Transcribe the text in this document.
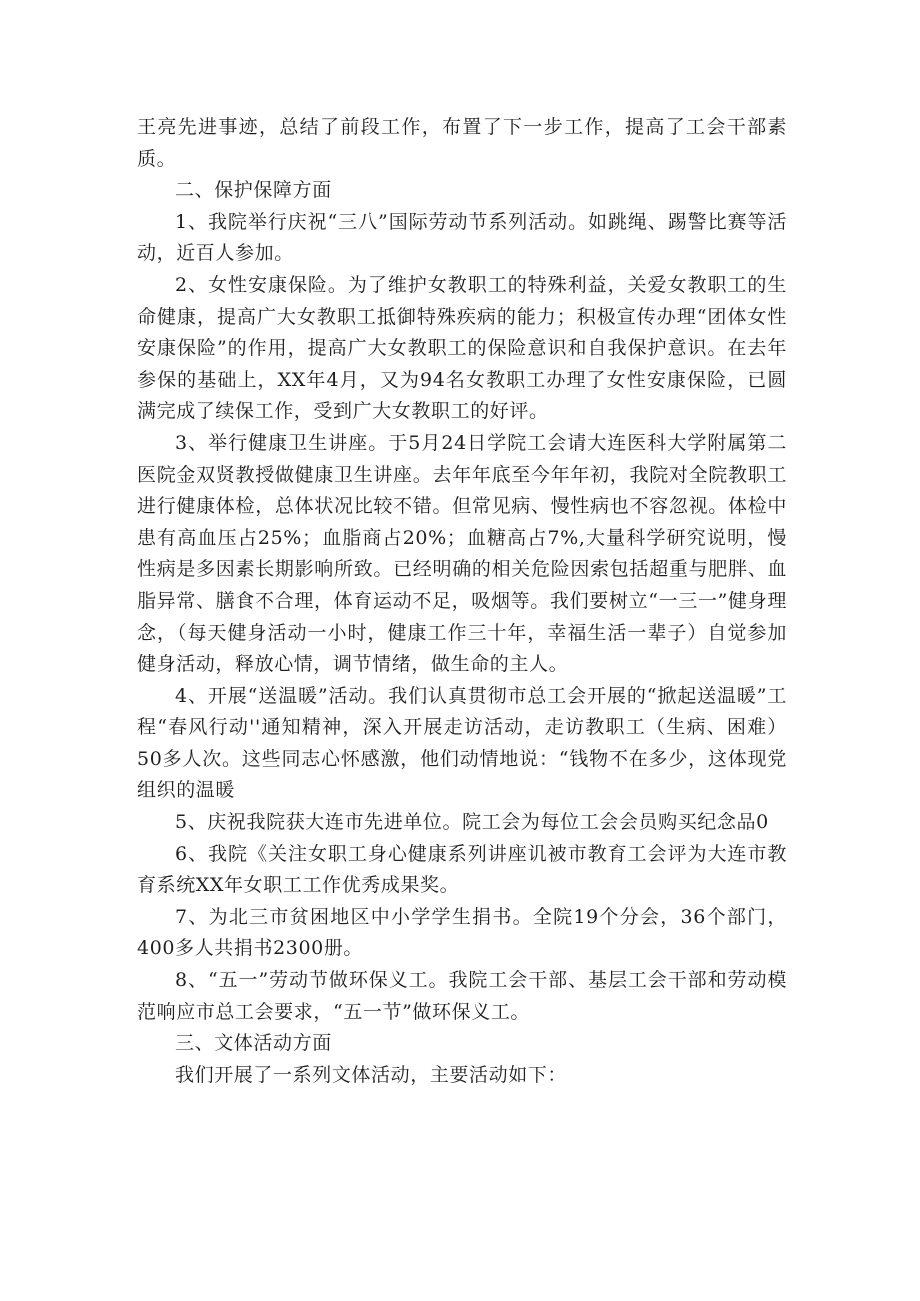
王亮先进事迹，总结了前段工作，布置了下一步工作，提高了工会干部素质。

二、保护保障方面

1、我院举行庆祝“三八”国际劳动节系列活动。如跳绳、踢警比赛等活动，近百人参加。

2、女性安康保险。为了维护女教职工的特殊利益，关爱女教职工的生命健康，提高广大女教职工抵御特殊疾病的能力；积极宣传办理“团体女性安康保险”的作用，提高广大女教职工的保险意识和自我保护意识。在去年参保的基础上，XX年4月，又为94名女教职工办理了女性安康保险，已圆满完成了续保工作，受到广大女教职工的好评。

3、举行健康卫生讲座。于5月24日学院工会请大连医科大学附属第二医院金双贤教授做健康卫生讲座。去年年底至今年年初，我院对全院教职工进行健康体检，总体状况比较不错。但常见病、慢性病也不容忽视。体检中患有高血压占25%；血脂商占20%；血糖高占7%,大量科学研究说明，慢性病是多因素长期影响所致。已经明确的相关危险因索包括超重与肥胖、血脂异常、膳食不合理，体育运动不足，吸烟等。我们要树立“一三一”健身理念，（每天健身活动一小时，健康工作三十年，幸福生活一辈子）自觉参加健身活动，释放心情，调节情绪，做生命的主人。

4、开展“送温暖”活动。我们认真贯彻市总工会开展的“掀起送温暖”工程“春风行动''通知精神，深入开展走访活动，走访教职工（生病、困难）50多人次。这些同志心怀感激，他们动情地说：“钱物不在多少，这体现党组织的温暖

5、庆祝我院获大连市先进单位。院工会为每位工会会员购买纪念品0

6、我院《关注女职工身心健康系列讲座讥被市教育工会评为大连市教育系统XX年女职工工作优秀成果奖。

7、为北三市贫困地区中小学学生捐书。全院19个分会，36个部门，400多人共捐书2300册。

8、“五一”劳动节做环保义工。我院工会干部、基层工会干部和劳动模范响应市总工会要求，“五一节”做环保义工。

三、文体活动方面

我们开展了一系列文体活动，主要活动如下：
